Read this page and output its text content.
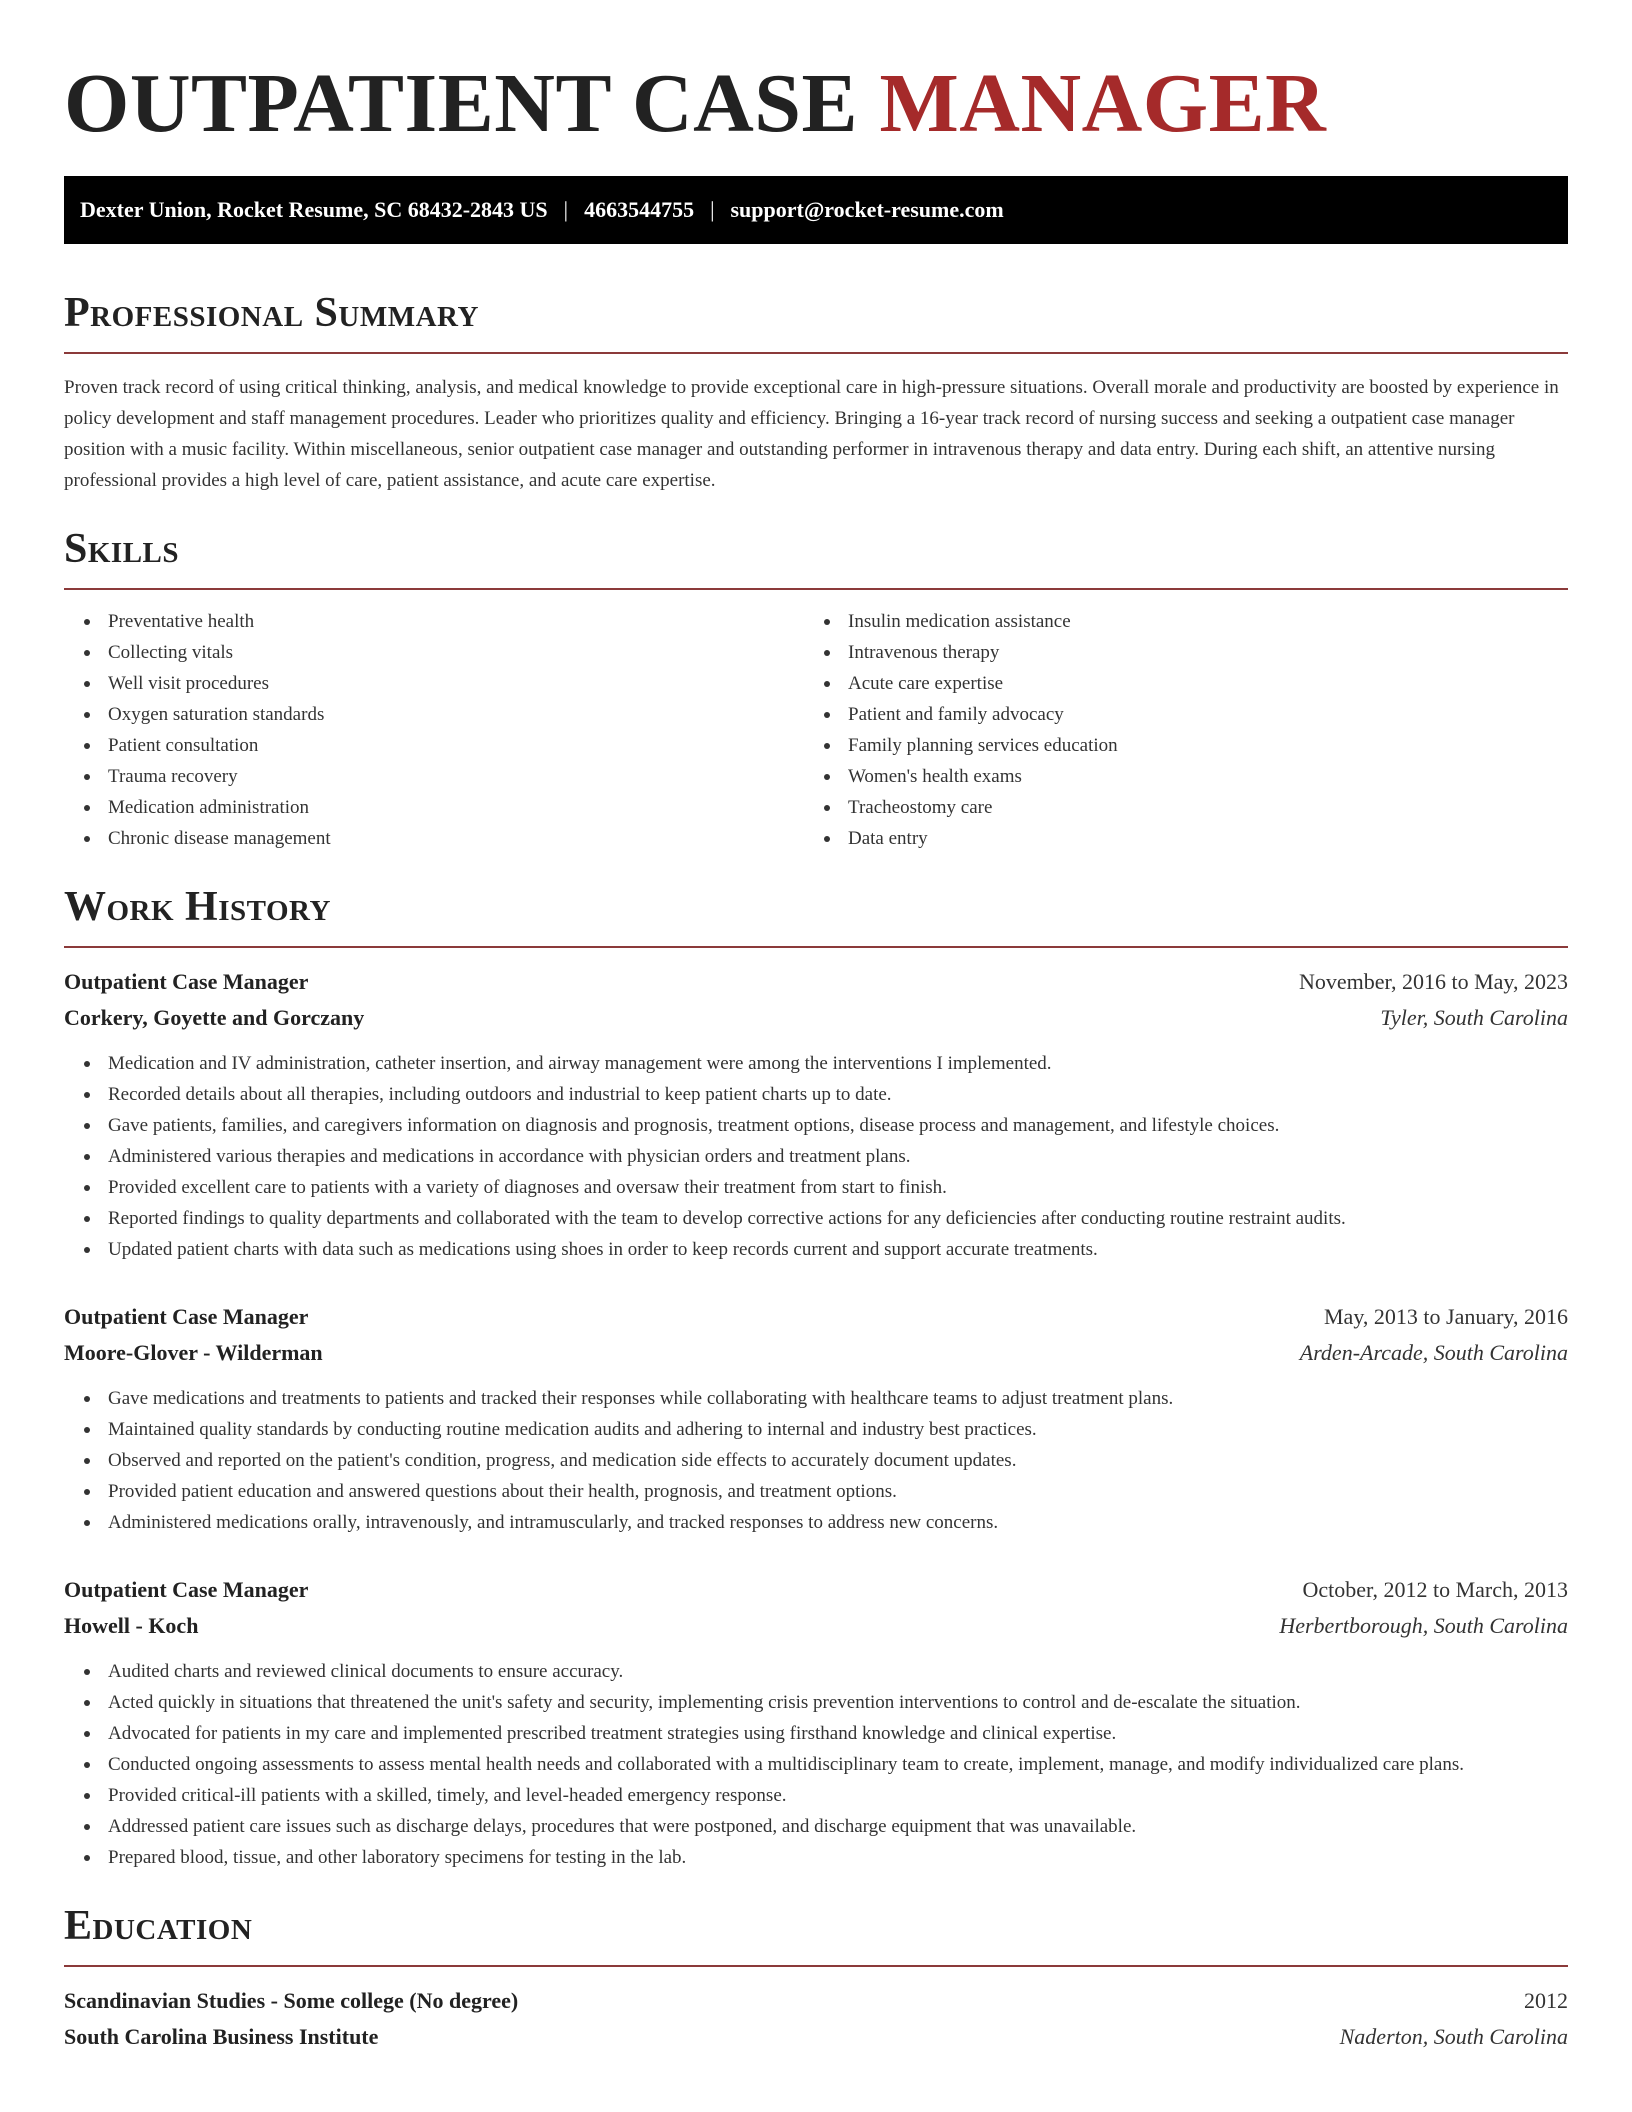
OUTPATIENT CASE MANAGER
Dexter Union, Rocket Resume, SC 68432-2843 US | 4663544755 | support@rocket-resume.com
Professional Summary

Proven track record of using critical thinking, analysis, and medical knowledge to provide exceptional care in high-pressure situations. Overall morale and productivity are boosted by experience in policy development and staff management procedures. Leader who prioritizes quality and efficiency. Bringing a 16-year track record of nursing success and seeking a outpatient case manager position with a music facility. Within miscellaneous, senior outpatient case manager and outstanding performer in intravenous therapy and data entry. During each shift, an attentive nursing professional provides a high level of care, patient assistance, and acute care expertise.

Skills
Preventative health
Collecting vitals
Well visit procedures
Oxygen saturation standards
Patient consultation
Trauma recovery
Medication administration
Chronic disease management
Insulin medication assistance
Intravenous therapy
Acute care expertise
Patient and family advocacy
Family planning services education
Women's health exams
Tracheostomy care
Data entry
Work History
Outpatient Case Manager	November, 2016 to May, 2023
Corkery, Goyette and Gorczany	Tyler, South Carolina
Medication and IV administration, catheter insertion, and airway management were among the interventions I implemented.
Recorded details about all therapies, including outdoors and industrial to keep patient charts up to date.
Gave patients, families, and caregivers information on diagnosis and prognosis, treatment options, disease process and management, and lifestyle choices.
Administered various therapies and medications in accordance with physician orders and treatment plans.
Provided excellent care to patients with a variety of diagnoses and oversaw their treatment from start to finish.
Reported findings to quality departments and collaborated with the team to develop corrective actions for any deficiencies after conducting routine restraint audits.
Updated patient charts with data such as medications using shoes in order to keep records current and support accurate treatments.
Outpatient Case Manager	May, 2013 to January, 2016
Moore-Glover - Wilderman	Arden-Arcade, South Carolina
Gave medications and treatments to patients and tracked their responses while collaborating with healthcare teams to adjust treatment plans.
Maintained quality standards by conducting routine medication audits and adhering to internal and industry best practices.
Observed and reported on the patient's condition, progress, and medication side effects to accurately document updates.
Provided patient education and answered questions about their health, prognosis, and treatment options.
Administered medications orally, intravenously, and intramuscularly, and tracked responses to address new concerns.
Outpatient Case Manager	October, 2012 to March, 2013
Howell - Koch	Herbertborough, South Carolina
Audited charts and reviewed clinical documents to ensure accuracy.
Acted quickly in situations that threatened the unit's safety and security, implementing crisis prevention interventions to control and de-escalate the situation.
Advocated for patients in my care and implemented prescribed treatment strategies using firsthand knowledge and clinical expertise.
Conducted ongoing assessments to assess mental health needs and collaborated with a multidisciplinary team to create, implement, manage, and modify individualized care plans.
Provided critical-ill patients with a skilled, timely, and level-headed emergency response.
Addressed patient care issues such as discharge delays, procedures that were postponed, and discharge equipment that was unavailable.
Prepared blood, tissue, and other laboratory specimens for testing in the lab.
Education
Scandinavian Studies - Some college (No degree)	2012
South Carolina Business Institute	Naderton, South Carolina
